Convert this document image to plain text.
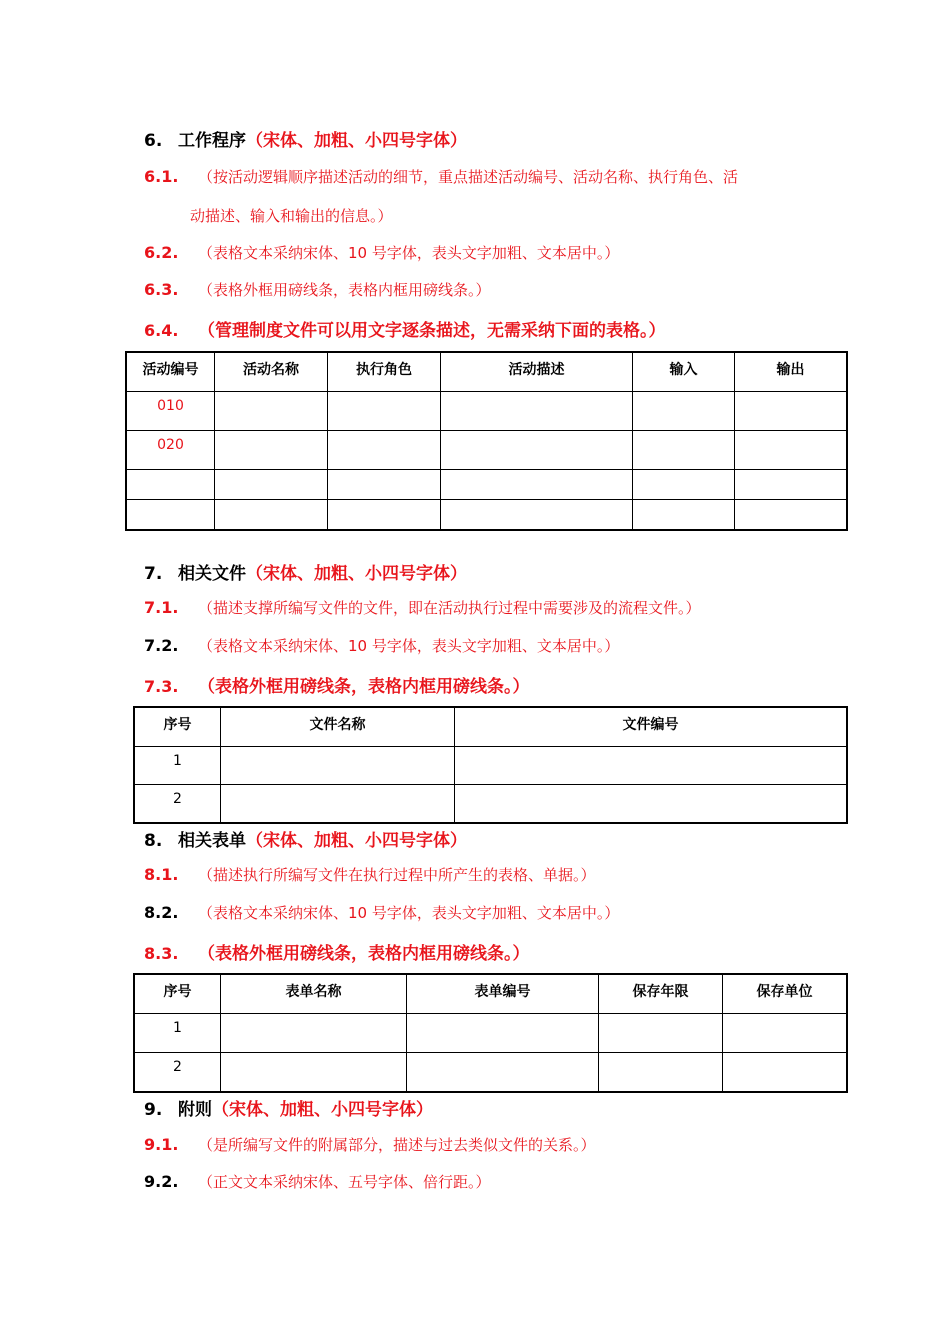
6. 工作程序（宋体、加粗、小四号字体）
6.1. （按活动逻辑顺序描述活动的细节，重点描述活动编号、活动名称、执行角色、活
动描述、输入和输出的信息。）
6.2. （表格文本采纳宋体、10 号字体，表头文字加粗、文本居中。）
6.3. （表格外框用磅线条，表格内框用磅线条。）
6.4. （管理制度文件可以用文字逐条描述，无需采纳下面的表格。）
活动编号	活动名称	执行角色	活动描述	输入	输出
010					
020					

7. 相关文件（宋体、加粗、小四号字体）
7.1. （描述支撑所编写文件的文件，即在活动执行过程中需要涉及的流程文件。）
7.2. （表格文本采纳宋体、10 号字体，表头文字加粗、文本居中。）
7.3. （表格外框用磅线条，表格内框用磅线条。）
序号	文件名称	文件编号
1		
2		
8. 相关表单（宋体、加粗、小四号字体）
8.1. （描述执行所编写文件在执行过程中所产生的表格、单据。）
8.2. （表格文本采纳宋体、10 号字体，表头文字加粗、文本居中。）
8.3. （表格外框用磅线条，表格内框用磅线条。）
序号	表单名称	表单编号	保存年限	保存单位
1				
2				
9. 附则（宋体、加粗、小四号字体）
9.1. （是所编写文件的附属部分，描述与过去类似文件的关系。）
9.2. （正文文本采纳宋体、五号字体、倍行距。）
